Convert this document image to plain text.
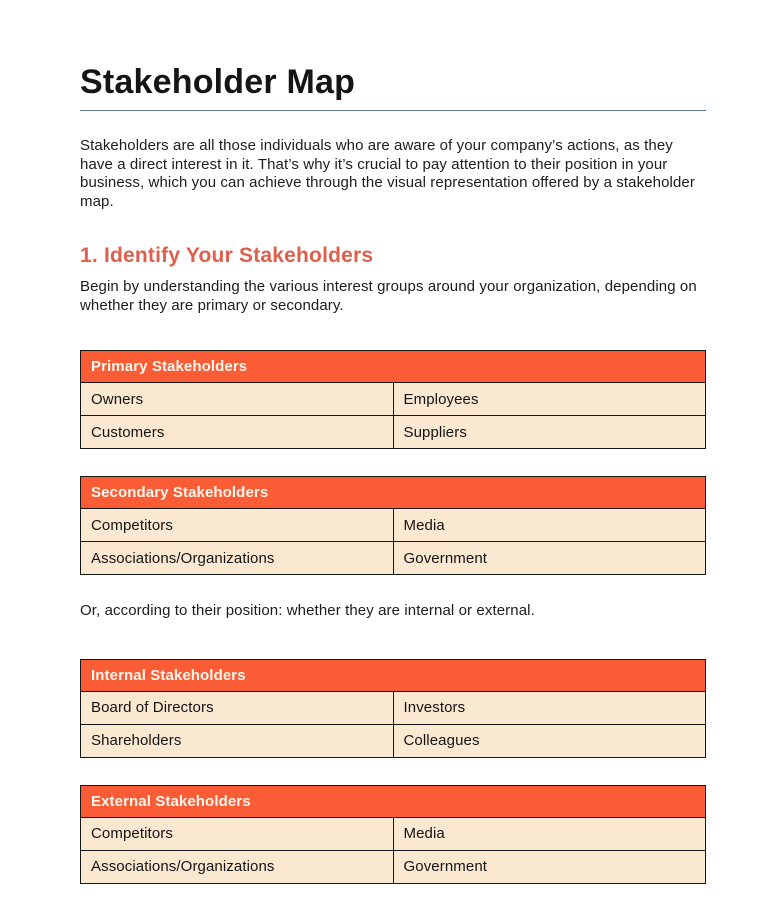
Stakeholder Map

Stakeholders are all those individuals who are aware of your company’s actions, as they have a direct interest in it. That’s why it’s crucial to pay attention to their position in your business, which you can achieve through the visual representation offered by a stakeholder map.

1. Identify Your Stakeholders

Begin by understanding the various interest groups around your organization, depending on whether they are primary or secondary.

Primary Stakeholders	
Owners	Employees
Customers	Suppliers
Secondary Stakeholders	
Competitors	Media
Associations/Organizations	Government

Or, according to their position: whether they are internal or external.

Internal Stakeholders	
Board of Directors	Investors
Shareholders	Colleagues
External Stakeholders	
Competitors	Media
Associations/Organizations	Government
